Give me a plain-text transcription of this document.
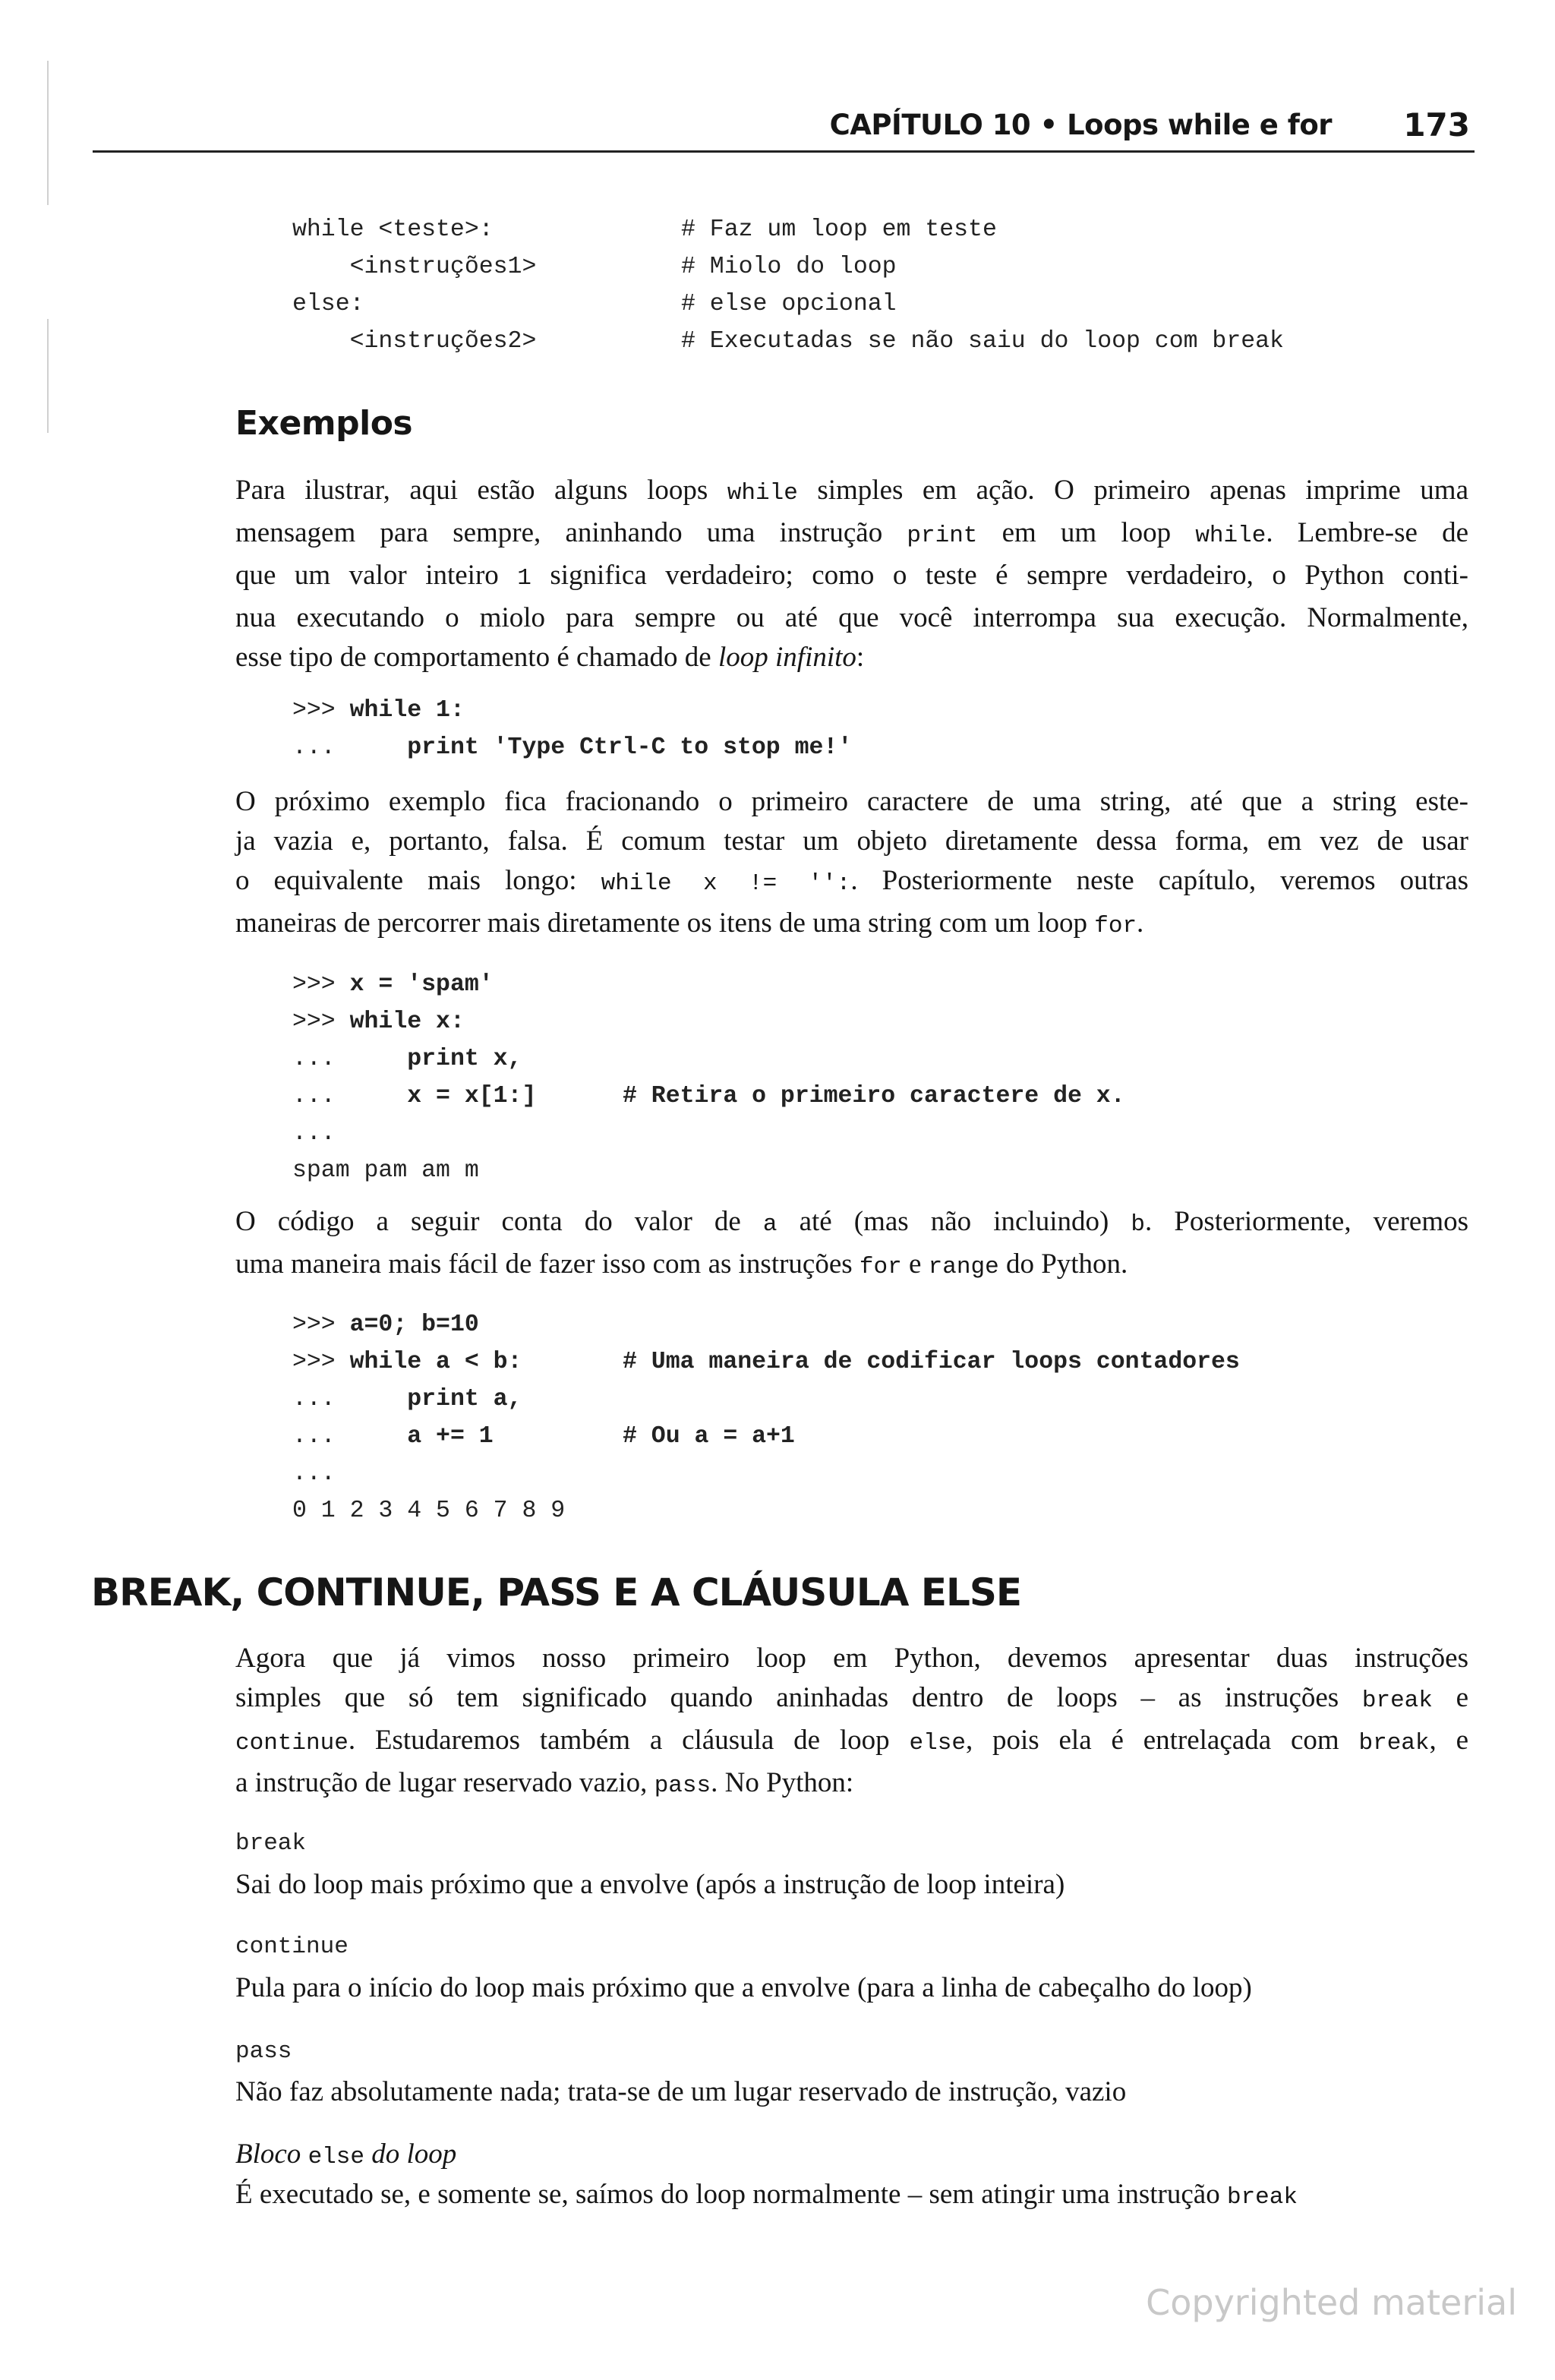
CAPÍTULO 10 • Loops while e for 173
while <teste>:	# Faz um loop em teste
<instruções1>	# Miolo do loop
else:	# else opcional
<instruções2>	# Executadas se não saiu do loop com break
Exemplos
Para ilustrar, aqui estão alguns loops while simples em ação. O primeiro apenas imprime uma
mensagem para sempre, aninhando uma instrução print em um loop while. Lembre-se de
que um valor inteiro 1 significa verdadeiro; como o teste é sempre verdadeiro, o Python conti-
nua executando o miolo para sempre ou até que você interrompa sua execução. Normalmente,
esse tipo de comportamento é chamado de loop infinito:
>>> while 1:
...     print 'Type Ctrl-C to stop me!'
O próximo exemplo fica fracionando o primeiro caractere de uma string, até que a string este-
ja vazia e, portanto, falsa. É comum testar um objeto diretamente dessa forma, em vez de usar
o equivalente mais longo: while x != '':. Posteriormente neste capítulo, veremos outras
maneiras de percorrer mais diretamente os itens de uma string com um loop for.
>>> x = 'spam'
>>> while x:
...     print x,
...     x = x[1:]	# Retira o primeiro caractere de x.
...
spam pam am m
O código a seguir conta do valor de a até (mas não incluindo) b. Posteriormente, veremos
uma maneira mais fácil de fazer isso com as instruções for e range do Python.
>>> a=0; b=10
>>> while a < b:	# Uma maneira de codificar loops contadores
...     print a,
...     a += 1	# Ou a = a+1
...
0 1 2 3 4 5 6 7 8 9
BREAK, CONTINUE, PASS E A CLÁUSULA ELSE
Agora que já vimos nosso primeiro loop em Python, devemos apresentar duas instruções
simples que só tem significado quando aninhadas dentro de loops – as instruções break e
continue. Estudaremos também a cláusula de loop else, pois ela é entrelaçada com break, e
a instrução de lugar reservado vazio, pass. No Python:
break
Sai do loop mais próximo que a envolve (após a instrução de loop inteira)
continue
Pula para o início do loop mais próximo que a envolve (para a linha de cabeçalho do loop)
pass
Não faz absolutamente nada; trata-se de um lugar reservado de instrução, vazio
Bloco else do loop
É executado se, e somente se, saímos do loop normalmente – sem atingir uma instrução break
Copyrighted material
